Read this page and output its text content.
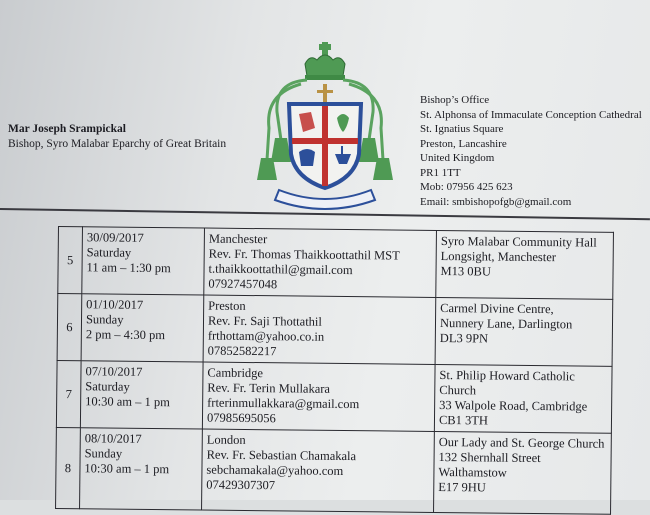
Mar Joseph Srampickal
Bishop, Syro Malabar Eparchy of Great Britain
Bishop’s Office
St. Alphonsa of Immaculate Conception Cathedral
St. Ignatius Square
Preston, Lancashire
United Kingdom
PR1 1TT
Mob: 07956 425 623
Email: smbishopofgb@gmail.com
5	30/09/2017
Saturday
11 am – 1:30 pm	Manchester
Rev. Fr. Thomas Thaikkoottathil MST
t.thaikkoottathil@gmail.com
07927457048	Syro Malabar Community Hall
Longsight, Manchester
M13 0BU

6	01/10/2017
Sunday
2 pm – 4:30 pm	Preston
Rev. Fr. Saji Thottathil
frthottam@yahoo.co.in
07852582217	Carmel Divine Centre,
Nunnery Lane, Darlington
DL3 9PN

7	07/10/2017
Saturday
10:30 am – 1 pm	Cambridge
Rev. Fr. Terin Mullakara
frterinmullakkara@gmail.com
07985695056	St. Philip Howard Catholic Church
33 Walpole Road, Cambridge
CB1 3TH

8	08/10/2017
Sunday
10:30 am – 1 pm	London
Rev. Fr. Sebastian Chamakala
sebchamakala@yahoo.com
07429307307	Our Lady and St. George Church
132 Shernhall Street
Walthamstow
E17 9HU
